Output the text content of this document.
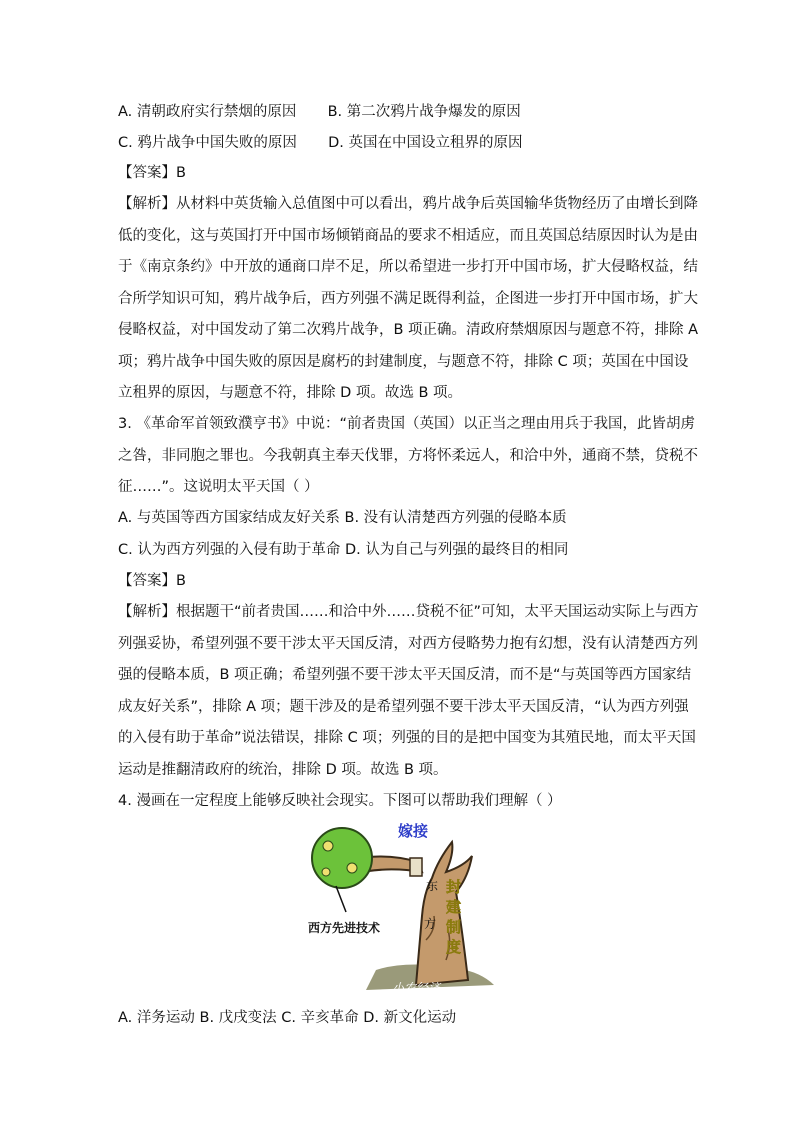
A. 清朝政府实行禁烟的原因 B. 第二次鸦片战争爆发的原因
C. 鸦片战争中国失败的原因 D. 英国在中国设立租界的原因
【答案】B
【解析】从材料中英货输入总值图中可以看出，鸦片战争后英国输华货物经历了由增长到降
低的变化，这与英国打开中国市场倾销商品的要求不相适应，而且英国总结原因时认为是由
于《南京条约》中开放的通商口岸不足，所以希望进一步打开中国市场，扩大侵略权益，结
合所学知识可知，鸦片战争后，西方列强不满足既得利益，企图进一步打开中国市场，扩大
侵略权益，对中国发动了第二次鸦片战争，B 项正确。清政府禁烟原因与题意不符，排除 A
项；鸦片战争中国失败的原因是腐朽的封建制度，与题意不符，排除 C 项；英国在中国设
立租界的原因，与题意不符，排除 D 项。故选 B 项。
3. 《革命军首领致濮亨书》中说：“前者贵国（英国）以正当之理由用兵于我国，此皆胡虏
之咎，非同胞之罪也。今我朝真主奉天伐罪，方将怀柔远人，和洽中外，通商不禁，贷税不
征……”。这说明太平天国（ ）
A. 与英国等西方国家结成友好关系 B. 没有认清楚西方列强的侵略本质
C. 认为西方列强的入侵有助于革命 D. 认为自己与列强的最终目的相同
【答案】B
【解析】根据题干“前者贵国……和洽中外……贷税不征”可知，太平天国运动实际上与西方
列强妥协，希望列强不要干涉太平天国反清，对西方侵略势力抱有幻想，没有认清楚西方列
强的侵略本质，B 项正确；希望列强不要干涉太平天国反清，而不是“与英国等西方国家结
成友好关系”，排除 A 项；题干涉及的是希望列强不要干涉太平天国反清，“认为西方列强
的入侵有助于革命”说法错误，排除 C 项；列强的目的是把中国变为其殖民地，而太平天国
运动是推翻清政府的统治，排除 D 项。故选 B 项。
4. 漫画在一定程度上能够反映社会现实。下图可以帮助我们理解（ ）
嫁接
西方先进技术
东
方
封
建
制
度
小农经济
A. 洋务运动 B. 戊戌变法 C. 辛亥革命 D. 新文化运动
